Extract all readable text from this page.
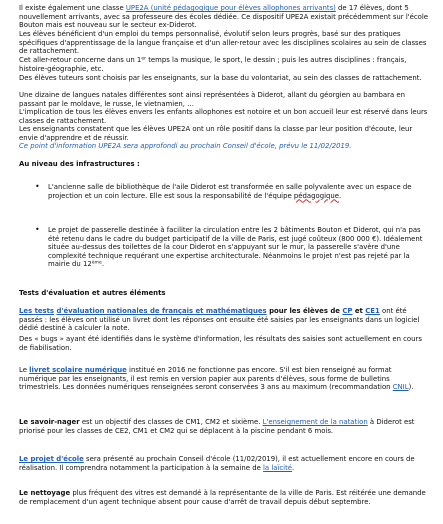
Il existe également une classe UPE2A (unité pédagogique pour élèves allophones arrivants) de 17 élèves, dont 5 nouvellement arrivants, avec sa professeure des écoles dédiée. Ce dispositif UPE2A existait précédemment sur l'école Bouton mais est nouveau sur le secteur ex-Diderot.

Les élèves bénéficient d'un emploi du temps personnalisé, évolutif selon leurs progrès, basé sur des pratiques spécifiques d'apprentissage de la langue française et d'un aller-retour avec les disciplines scolaires au sein de classes de rattachement.

Cet aller-retour concerne dans un 1er temps la musique, le sport, le dessin ; puis les autres disciplines : français, histoire-géographie, etc.

Des élèves tuteurs sont choisis par les enseignants, sur la base du volontariat, au sein des classes de rattachement.

Une dizaine de langues natales différentes sont ainsi représentées à Diderot, allant du géorgien au bambara en passant par le moldave, le russe, le vietnamien, …

L'implication de tous les élèves envers les enfants allophones est notoire et un bon accueil leur est réservé dans leurs classes de rattachement.

Les enseignants constatent que les élèves UPE2A ont un rôle positif dans la classe par leur position d'écoute, leur envie d'apprendre et de réussir.

Ce point d'information UPE2A sera approfondi au prochain Conseil d'école, prévu le 11/02/2019.

Au niveau des infrastructures :

• L'ancienne salle de bibliothèque de l'aile Diderot est transformée en salle polyvalente avec un espace de projection et un coin lecture. Elle est sous la responsabilité de l'équipe pédagogique.

• Le projet de passerelle destinée à faciliter la circulation entre les 2 bâtiments Bouton et Diderot, qui n'a pas été retenu dans le cadre du budget participatif de la ville de Paris, est jugé coûteux (800 000 €). Idéalement située au-dessus des toilettes de la cour Diderot en s'appuyant sur le mur, la passerelle s'avère d'une complexité technique requérant une expertise architecturale. Néanmoins le projet n'est pas rejeté par la mairie du 12ème.

Tests d'évaluation et autres éléments

Les tests d'évaluation nationales de français et mathématiques pour les élèves de CP et CE1 ont été passés : les élèves ont utilisé un livret dont les réponses ont ensuite été saisies par les enseignants dans un logiciel dédié destiné à calculer la note.

Des « bugs » ayant été identifiés dans le système d'information, les résultats des saisies sont actuellement en cours de fiabilisation.

Le livret scolaire numérique institué en 2016 ne fonctionne pas encore. S'il est bien renseigné au format numérique par les enseignants, il est remis en version papier aux parents d'élèves, sous forme de bulletins trimestriels. Les données numériques renseignées seront conservées 3 ans au maximum (recommandation CNIL).

Le savoir-nager est un objectif des classes de CM1, CM2 et sixième. L'enseignement de la natation à Diderot est priorisé pour les classes de CE2, CM1 et CM2 qui se déplacent à la piscine pendant 6 mois.

Le projet d'école sera présenté au prochain Conseil d'école (11/02/2019), il est actuellement encore en cours de réalisation. Il comprendra notamment la participation à la semaine de la laïcité.

Le nettoyage plus fréquent des vitres est demandé à la représentante de la ville de Paris. Est réitérée une demande de remplacement d'un agent technique absent pour cause d'arrêt de travail depuis début septembre.
